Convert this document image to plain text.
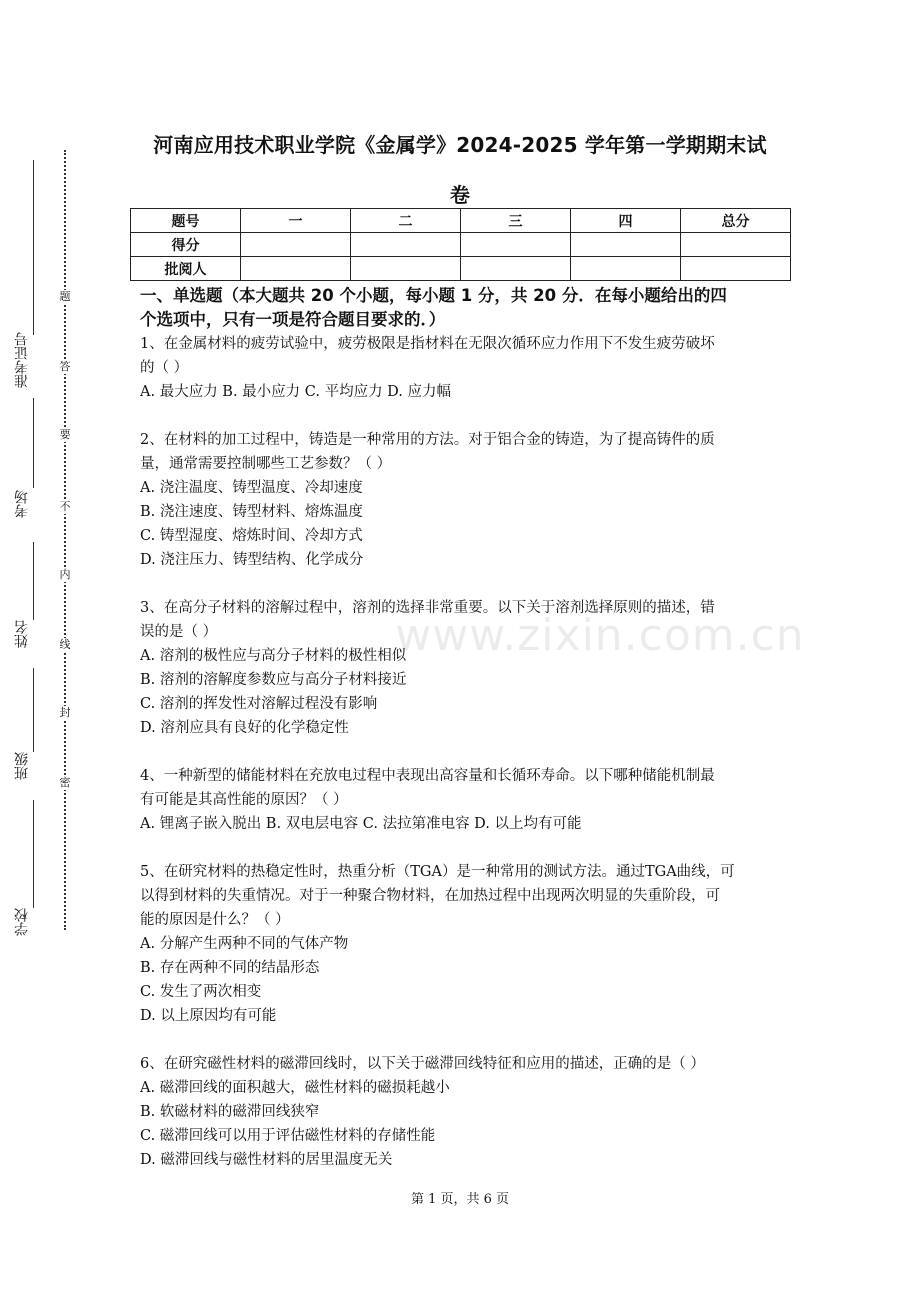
准考证号
考场
姓名
班级
学校
题
答
要
不
内
线
封
密
河南应用技术职业学院《金属学》2024-2025 学年第一学期期末试
卷
题号	一	二	三	四	总分
得分					
批阅人					
一、单选题（本大题共 20 个小题，每小题 1 分，共 20 分．在每小题给出的四
个选项中，只有一项是符合题目要求的．）

1、在金属材料的疲劳试验中，疲劳极限是指材料在无限次循环应力作用下不发生疲劳破坏

的（ ）

A. 最大应力 B. 最小应力 C. 平均应力 D. 应力幅

2、在材料的加工过程中，铸造是一种常用的方法。对于铝合金的铸造，为了提高铸件的质

量，通常需要控制哪些工艺参数？（ ）

A. 浇注温度、铸型温度、冷却速度

B. 浇注速度、铸型材料、熔炼温度

C. 铸型湿度、熔炼时间、冷却方式

D. 浇注压力、铸型结构、化学成分

3、在高分子材料的溶解过程中，溶剂的选择非常重要。以下关于溶剂选择原则的描述，错

误的是（ ）

A. 溶剂的极性应与高分子材料的极性相似

B. 溶剂的溶解度参数应与高分子材料接近

C. 溶剂的挥发性对溶解过程没有影响

D. 溶剂应具有良好的化学稳定性

4、一种新型的储能材料在充放电过程中表现出高容量和长循环寿命。以下哪种储能机制最

有可能是其高性能的原因？（ ）

A. 锂离子嵌入脱出 B. 双电层电容 C. 法拉第准电容 D. 以上均有可能

5、在研究材料的热稳定性时，热重分析（TGA）是一种常用的测试方法。通过TGA曲线，可

以得到材料的失重情况。对于一种聚合物材料，在加热过程中出现两次明显的失重阶段，可

能的原因是什么？（ ）

A. 分解产生两种不同的气体产物

B. 存在两种不同的结晶形态

C. 发生了两次相变

D. 以上原因均有可能

6、在研究磁性材料的磁滞回线时，以下关于磁滞回线特征和应用的描述，正确的是（ ）

A. 磁滞回线的面积越大，磁性材料的磁损耗越小

B. 软磁材料的磁滞回线狭窄

C. 磁滞回线可以用于评估磁性材料的存储性能

D. 磁滞回线与磁性材料的居里温度无关

www.zixin.com.cn
第 1 页，共 6 页
